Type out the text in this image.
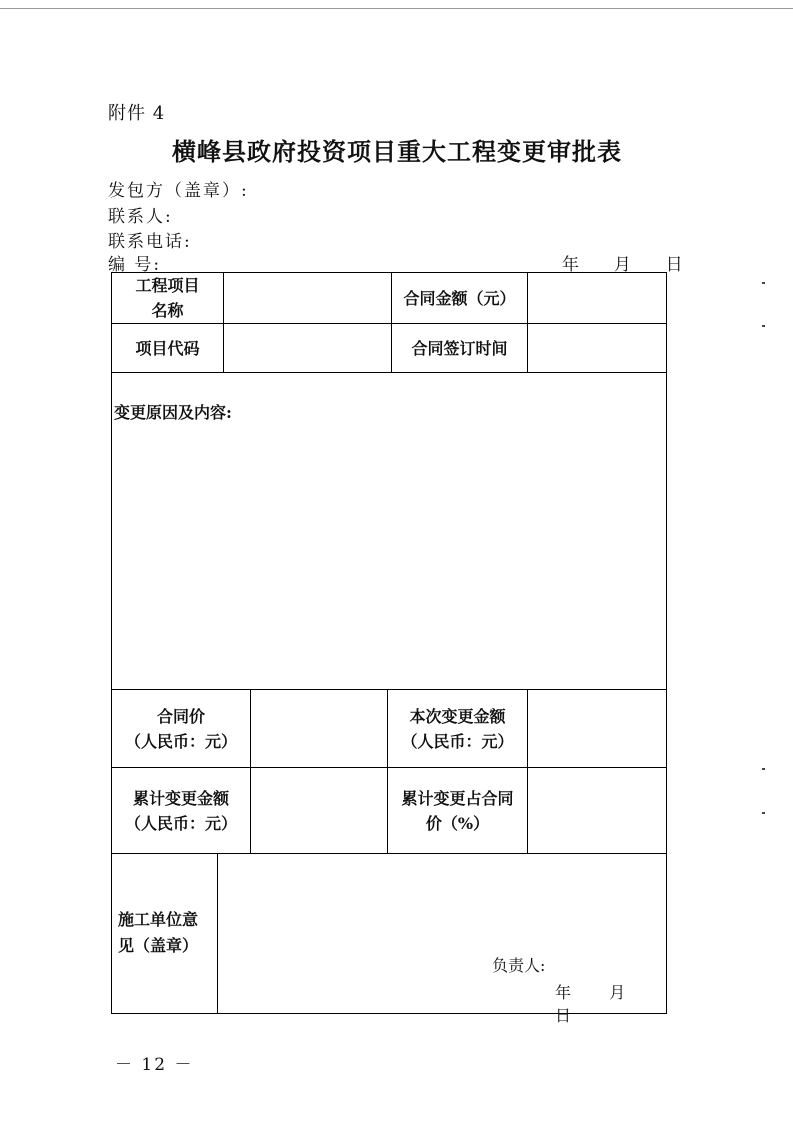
附件 4
横峰县政府投资项目重大工程变更审批表
发包方（盖章）:
联系人:
联系电话:
编 号:	年 月 日
工程项目
名称
合同金额（元）
项目代码	合同签订时间
变更原因及内容:
合同价
（人民币：元）
本次变更金额
（人民币：元）
累计变更金额
（人民币：元）
累计变更占合同
价（%）
施工单位意
见（盖章）
负责人:
年 月  日
－ 12 －
